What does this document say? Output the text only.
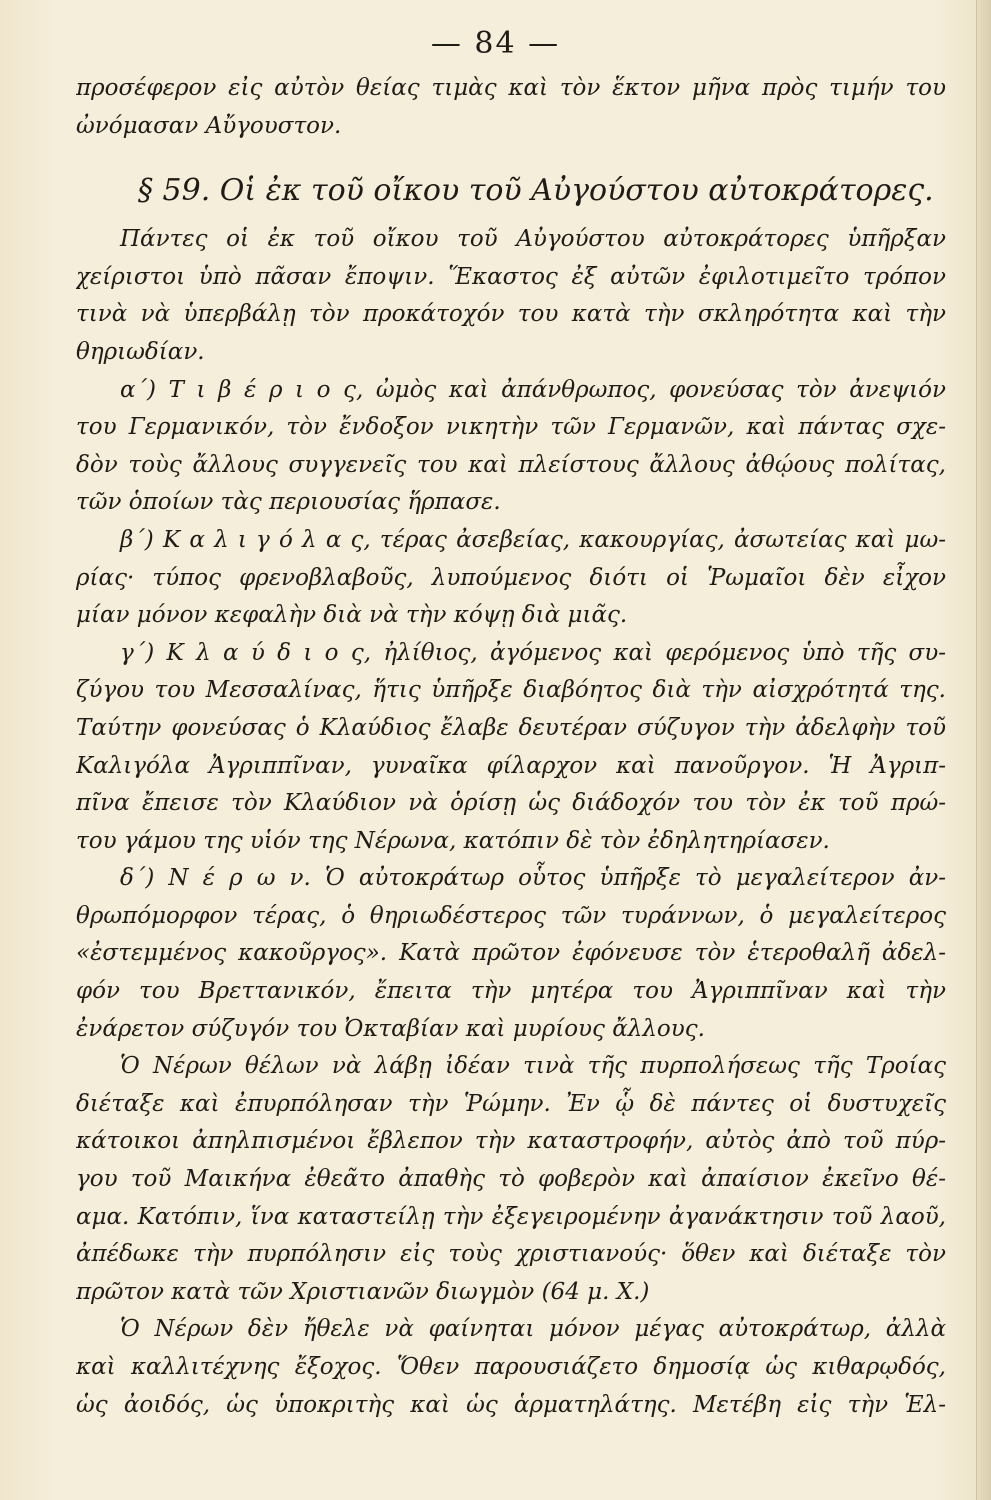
— 84 —
προσέφερον εἰς αὐτὸν θείας τιμὰς καὶ τὸν ἕκτον μῆνα πρὸς τιμήν του
ὠνόμασαν Αὔγουστον.
§ 59. Οἱ ἐκ τοῦ οἴκου τοῦ Αὐγούστου αὐτοκράτορες.
Πάντες οἱ ἐκ τοῦ οἴκου τοῦ Αὐγούστου αὐτοκράτορες ὑπῆρξαν
χείριστοι ὑπὸ πᾶσαν ἔποψιν. Ἕκαστος ἐξ αὐτῶν ἐφιλοτιμεῖτο τρόπον
τινὰ νὰ ὑπερβάλῃ τὸν προκάτοχόν του κατὰ τὴν σκληρότητα καὶ τὴν
θηριωδίαν.
α΄) Τ ι β έ ρ ι ο ς, ὠμὸς καὶ ἀπάνθρωπος, φονεύσας τὸν ἀνεψιόν
του Γερμανικόν, τὸν ἔνδοξον νικητὴν τῶν Γερμανῶν, καὶ πάντας σχε-
δὸν τοὺς ἄλλους συγγενεῖς του καὶ πλείστους ἄλλους ἀθῴους πολίτας,
τῶν ὁποίων τὰς περιουσίας ἥρπασε.
β΄) Κ α λ ι γ ό λ α ς, τέρας ἀσεβείας, κακουργίας, ἀσωτείας καὶ μω-
ρίας· τύπος φρενοβλαβοῦς, λυπούμενος διότι οἱ Ῥωμαῖοι δὲν εἶχον
μίαν μόνον κεφαλὴν διὰ νὰ τὴν κόψῃ διὰ μιᾶς.
γ΄) Κ λ α ύ δ ι ο ς, ἠλίθιος, ἀγόμενος καὶ φερόμενος ὑπὸ τῆς συ-
ζύγου του Μεσσαλίνας, ἥτις ὑπῆρξε διαβόητος διὰ τὴν αἰσχρότητά της.
Ταύτην φονεύσας ὁ Κλαύδιος ἔλαβε δευτέραν σύζυγον τὴν ἀδελφὴν τοῦ
Καλιγόλα Ἀγριππῖναν, γυναῖκα φίλαρχον καὶ πανοῦργον. Ἡ Ἀγριπ-
πῖνα ἔπεισε τὸν Κλαύδιον νὰ ὁρίσῃ ὡς διάδοχόν του τὸν ἐκ τοῦ πρώ-
του γάμου της υἱόν της Νέρωνα, κατόπιν δὲ τὸν ἐδηλητηρίασεν.
δ΄) Ν έ ρ ω ν. Ὁ αὐτοκράτωρ οὗτος ὑπῆρξε τὸ μεγαλείτερον ἀν-
θρωπόμορφον τέρας, ὁ θηριωδέστερος τῶν τυράννων, ὁ μεγαλείτερος
«ἐστεμμένος κακοῦργος». Κατὰ πρῶτον ἐφόνευσε τὸν ἑτεροθαλῆ ἀδελ-
φόν του Βρεττανικόν, ἔπειτα τὴν μητέρα του Ἀγριππῖναν καὶ τὴν
ἐνάρετον σύζυγόν του Ὀκταβίαν καὶ μυρίους ἄλλους.
Ὁ Νέρων θέλων νὰ λάβῃ ἰδέαν τινὰ τῆς πυρπολήσεως τῆς Τροίας
διέταξε καὶ ἐπυρπόλησαν τὴν Ῥώμην. Ἐν ᾧ δὲ πάντες οἱ δυστυχεῖς
κάτοικοι ἀπηλπισμένοι ἔβλεπον τὴν καταστροφήν, αὐτὸς ἀπὸ τοῦ πύρ-
γου τοῦ Μαικήνα ἐθεᾶτο ἀπαθὴς τὸ φοβερὸν καὶ ἀπαίσιον ἐκεῖνο θέ-
αμα. Κατόπιν, ἵνα καταστείλῃ τὴν ἐξεγειρομένην ἀγανάκτησιν τοῦ λαοῦ,
ἀπέδωκε τὴν πυρπόλησιν εἰς τοὺς χριστιανούς· ὅθεν καὶ διέταξε τὸν
πρῶτον κατὰ τῶν Χριστιανῶν διωγμὸν (64 μ. Χ.)
Ὁ Νέρων δὲν ἤθελε νὰ φαίνηται μόνον μέγας αὐτοκράτωρ, ἀλλὰ
καὶ καλλιτέχνης ἔξοχος. Ὅθεν παρουσιάζετο δημοσίᾳ ὡς κιθαρῳδός,
ὡς ἀοιδός, ὡς ὑποκριτὴς καὶ ὡς ἁρματηλάτης. Μετέβη εἰς τὴν Ἑλ-
